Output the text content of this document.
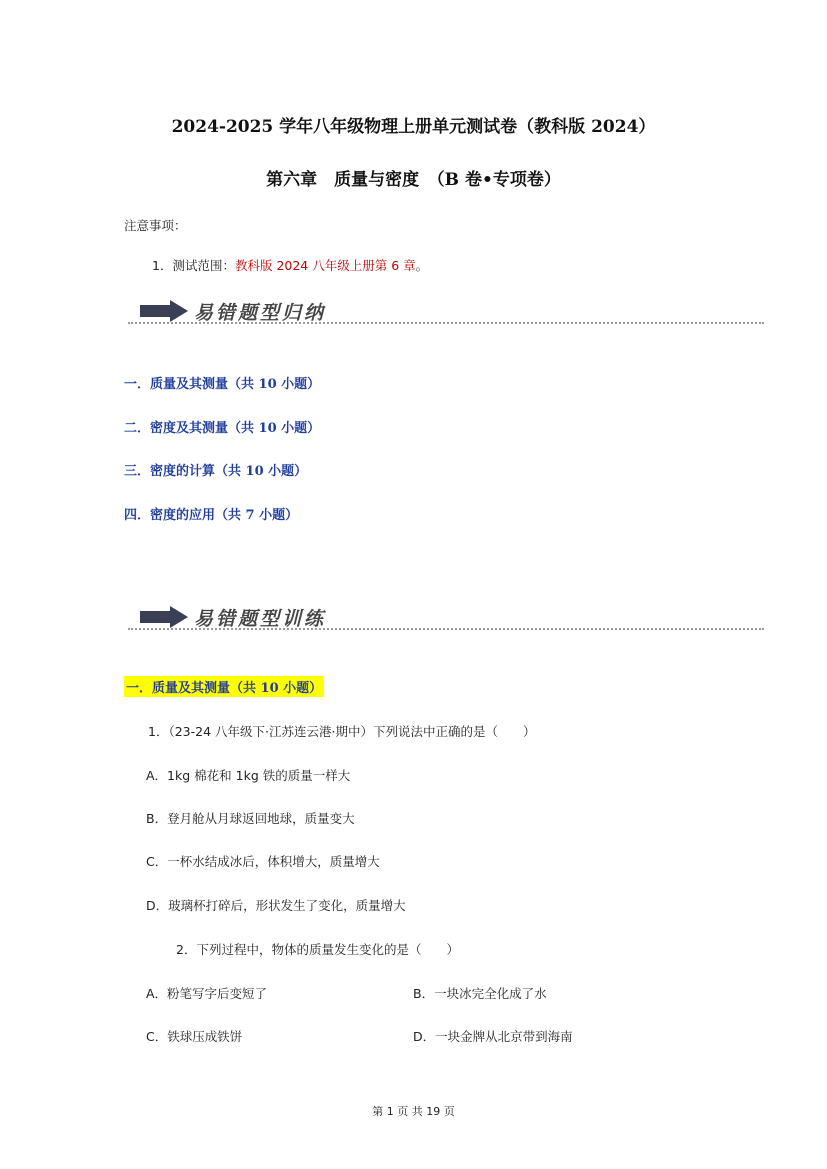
2024-2025 学年八年级物理上册单元测试卷（教科版 2024）
第六章　质量与密度　（B 卷•专项卷）
注意事项：
1．测试范围：教科版 2024 八年级上册第 6 章。
易错题型归纳
一．质量及其测量（共 10 小题）
二．密度及其测量（共 10 小题）
三．密度的计算（共 10 小题）
四．密度的应用（共 7 小题）
易错题型训练
一．质量及其测量（共 10 小题）
1．（23-24 八年级下·江苏连云港·期中）下列说法中正确的是（　　）
A．1kg 棉花和 1kg 铁的质量一样大
B．登月舱从月球返回地球，质量变大
C．一杯水结成冰后，体积增大，质量增大
D．玻璃杯打碎后，形状发生了变化，质量增大
2．下列过程中，物体的质量发生变化的是（　　）
A．粉笔写字后变短了	B．一块冰完全化成了水
C．铁球压成铁饼	D．一块金牌从北京带到海南
第 1 页 共 19 页
